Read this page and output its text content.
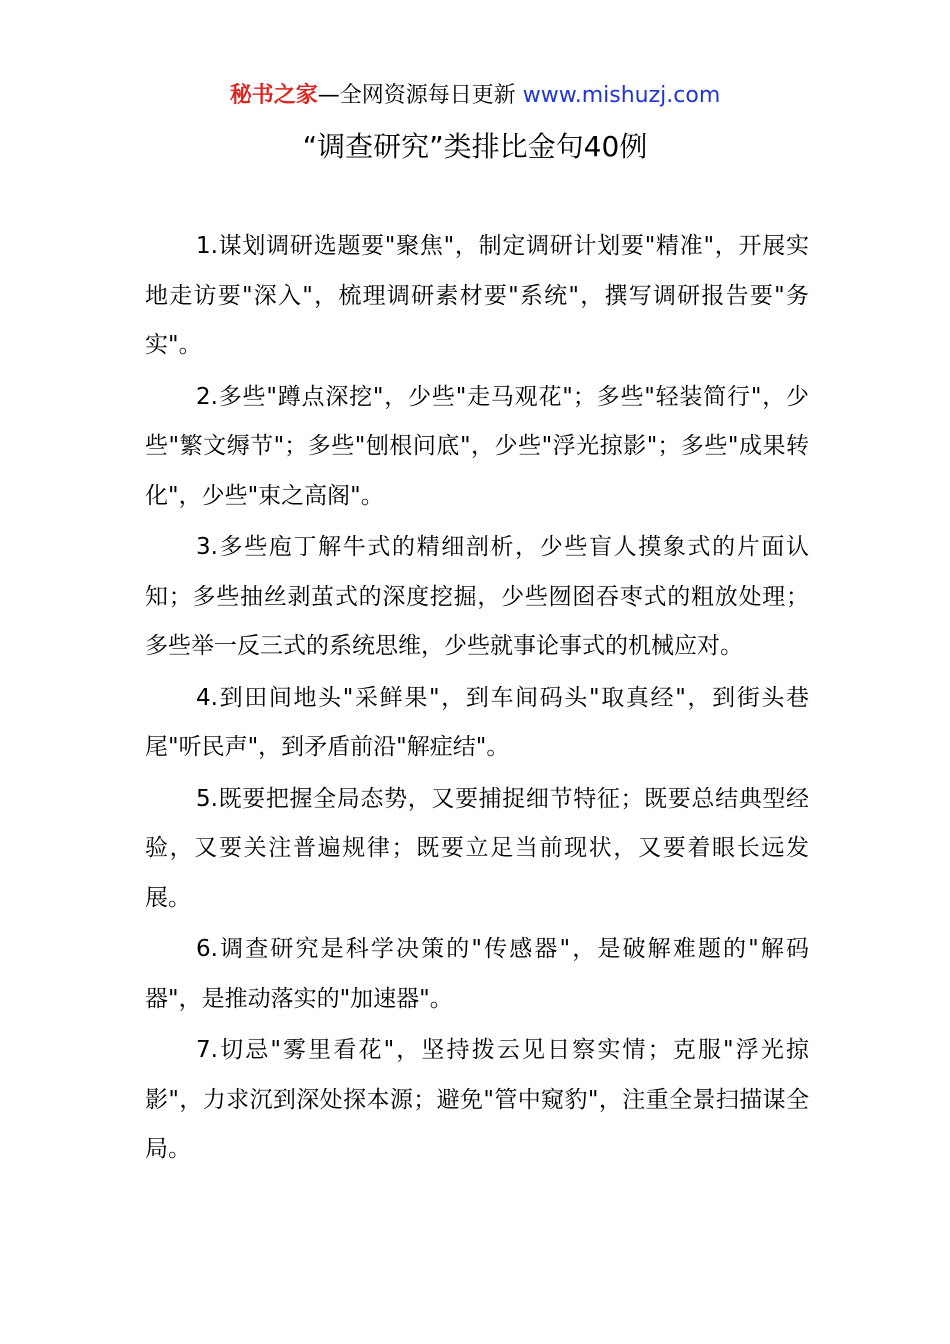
秘书之家—全网资源每日更新 www.mishuzj.com
“调查研究”类排比金句40例

1.谋划调研选题要"聚焦"，制定调研计划要"精准"，开展实地走访要"深入"，梳理调研素材要"系统"，撰写调研报告要"务实"。

2.多些"蹲点深挖"，少些"走马观花"；多些"轻装简行"，少些"繁文缛节"；多些"刨根问底"，少些"浮光掠影"；多些"成果转化"，少些"束之高阁"。

3.多些庖丁解牛式的精细剖析，少些盲人摸象式的片面认知；多些抽丝剥茧式的深度挖掘，少些囫囵吞枣式的粗放处理；多些举一反三式的系统思维，少些就事论事式的机械应对。

4.到田间地头"采鲜果"，到车间码头"取真经"，到街头巷尾"听民声"，到矛盾前沿"解症结"。

5.既要把握全局态势，又要捕捉细节特征；既要总结典型经验，又要关注普遍规律；既要立足当前现状，又要着眼长远发展。

6.调查研究是科学决策的"传感器"，是破解难题的"解码器"，是推动落实的"加速器"。

7.切忌"雾里看花"，坚持拨云见日察实情；克服"浮光掠影"，力求沉到深处探本源；避免"管中窥豹"，注重全景扫描谋全局。
